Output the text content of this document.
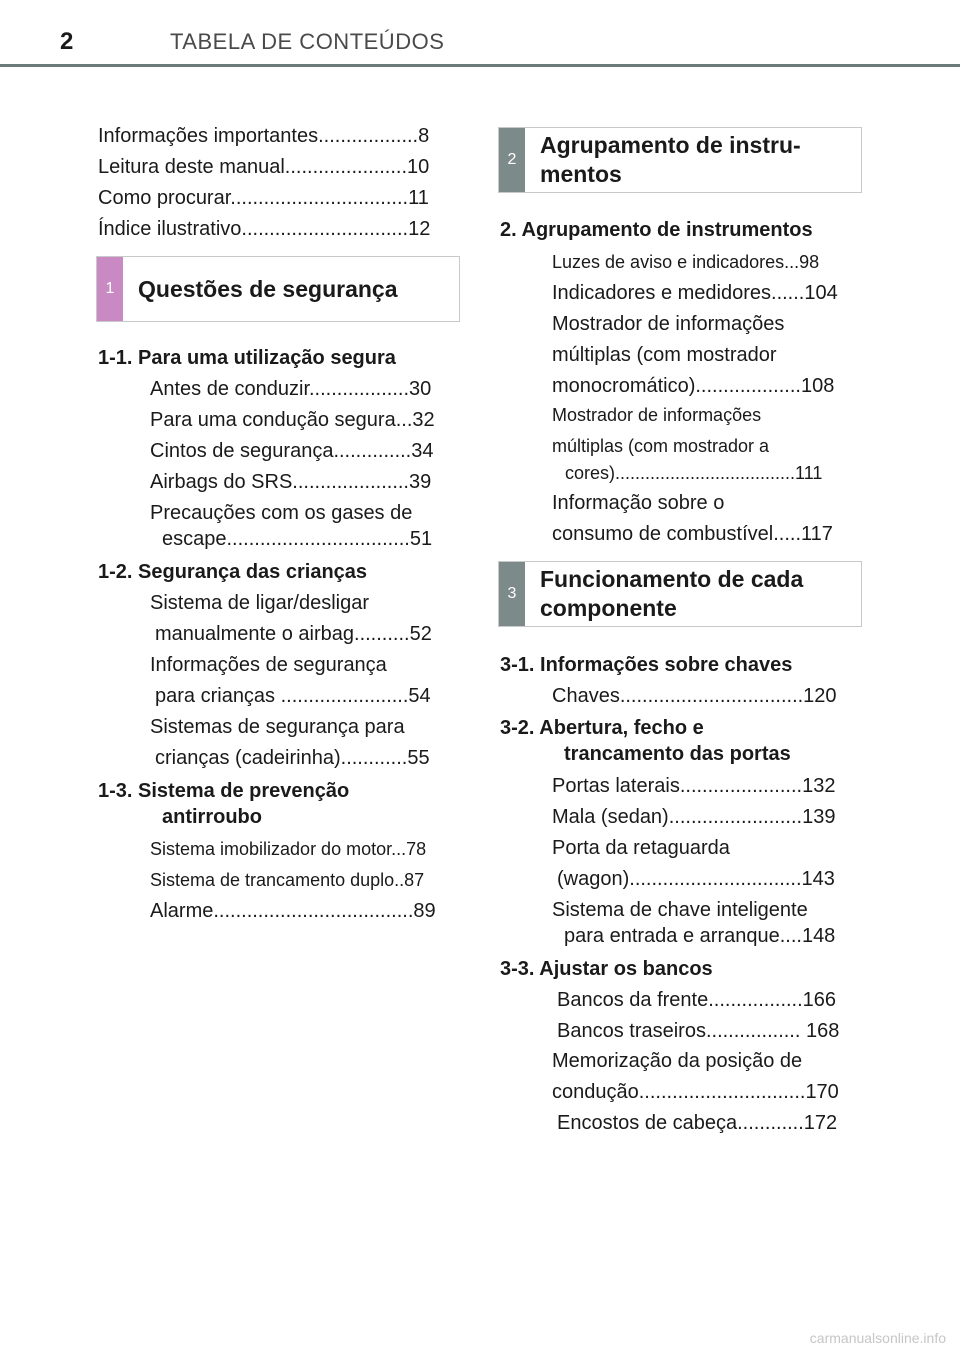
2	TABELA DE CONTEÚDOS
Informações importantes..................8
Leitura deste manual......................10
Como procurar................................11
Índice ilustrativo..............................12
1	Questões de segurança
1-1. Para uma utilização segura
Antes de conduzir..................30
Para uma condução segura...32
Cintos de segurança..............34
Airbags do SRS.....................39
Precauções com os gases de
escape.................................51
1-2. Segurança das crianças
Sistema de ligar/desligar
manualmente o airbag..........52
Informações de segurança
para crianças .......................54
Sistemas de segurança para
crianças (cadeirinha)............55
1-3. Sistema de prevenção
antirroubo
Sistema imobilizador do motor...78
Sistema de trancamento duplo..87
Alarme....................................89
2
Agrupamento de instru-
mentos
2. Agrupamento de instrumentos
Luzes de aviso e indicadores...98
Indicadores e medidores......104
Mostrador de informações
múltiplas (com mostrador
monocromático)...................108
Mostrador de informações
múltiplas (com mostrador a
cores)....................................111
Informação sobre o
consumo de combustível.....117
3
Funcionamento de cada
componente
3-1. Informações sobre chaves
Chaves.................................120
3-2. Abertura, fecho e
trancamento das portas
Portas laterais......................132
Mala (sedan)........................139
Porta da retaguarda
(wagon)...............................143
Sistema de chave inteligente
para entrada e arranque....148
3-3. Ajustar os bancos
Bancos da frente.................166
Bancos traseiros................. 168
Memorização da posição de
condução..............................170
Encostos de cabeça............172
carmanualsonline.info
